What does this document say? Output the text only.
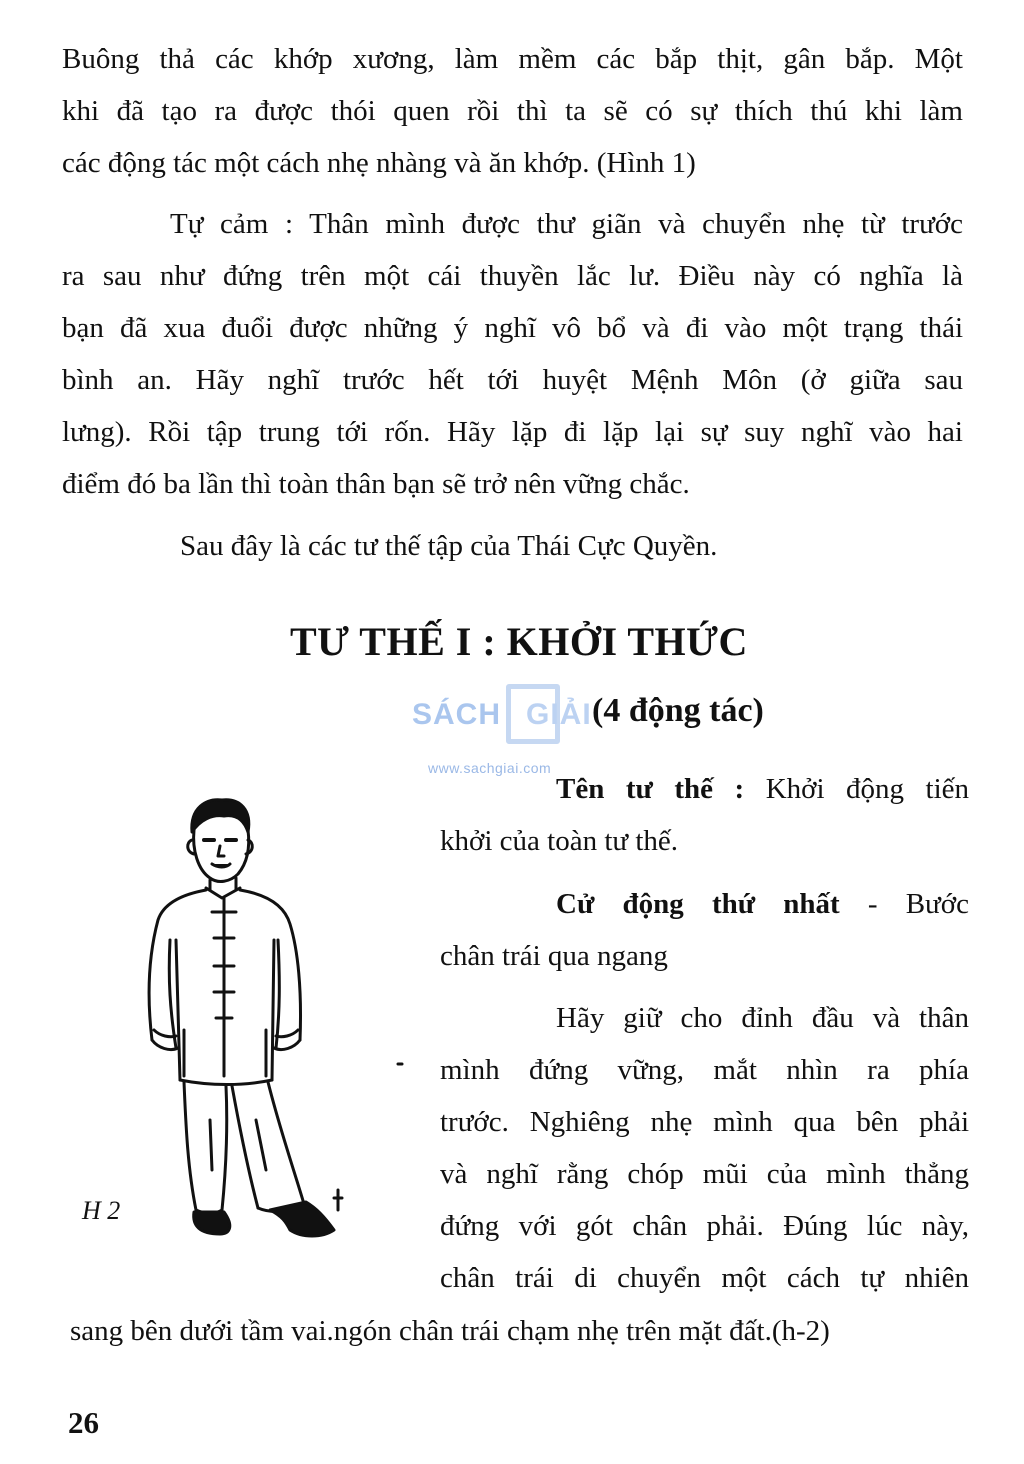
Buông thả các khớp xương, làm mềm các bắp thịt, gân bắp. Một

khi đã tạo ra được thói quen rồi thì ta sẽ có sự thích thú khi làm

các động tác một cách nhẹ nhàng và ăn khớp. (Hình 1)

Tự cảm : Thân mình được thư giãn và chuyển nhẹ từ trước

ra sau như đứng trên một cái thuyền lắc lư. Điều này có nghĩa là

bạn đã xua đuổi được những ý nghĩ vô bổ và đi vào một trạng thái

bình an. Hãy nghĩ trước hết tới huyệt Mệnh Môn (ở giữa sau

lưng). Rồi tập trung tới rốn. Hãy lặp đi lặp lại sự suy nghĩ vào hai

điểm đó ba lần thì toàn thân bạn sẽ trở nên vững chắc.

Sau đây là các tư thế tập của Thái Cực Quyền.

TƯ THẾ I : KHỞI THỨC
(4 động tác)
SÁCH GIẢI
www.sachgiai.com

Tên tư thế : Khởi động tiến

khởi của toàn tư thế.

Cử động thứ nhất - Bước

chân trái qua ngang

Hãy giữ cho đỉnh đầu và thân

mình đứng vững, mắt nhìn ra phía

trước. Nghiêng nhẹ mình qua bên phải

và nghĩ rằng chóp mũi của mình thẳng

đứng với gót chân phải. Đúng lúc này,

chân trái di chuyển một cách tự nhiên

sang bên dưới tầm vai.ngón chân trái chạm nhẹ trên mặt đất.(h-2)

H 2

26
